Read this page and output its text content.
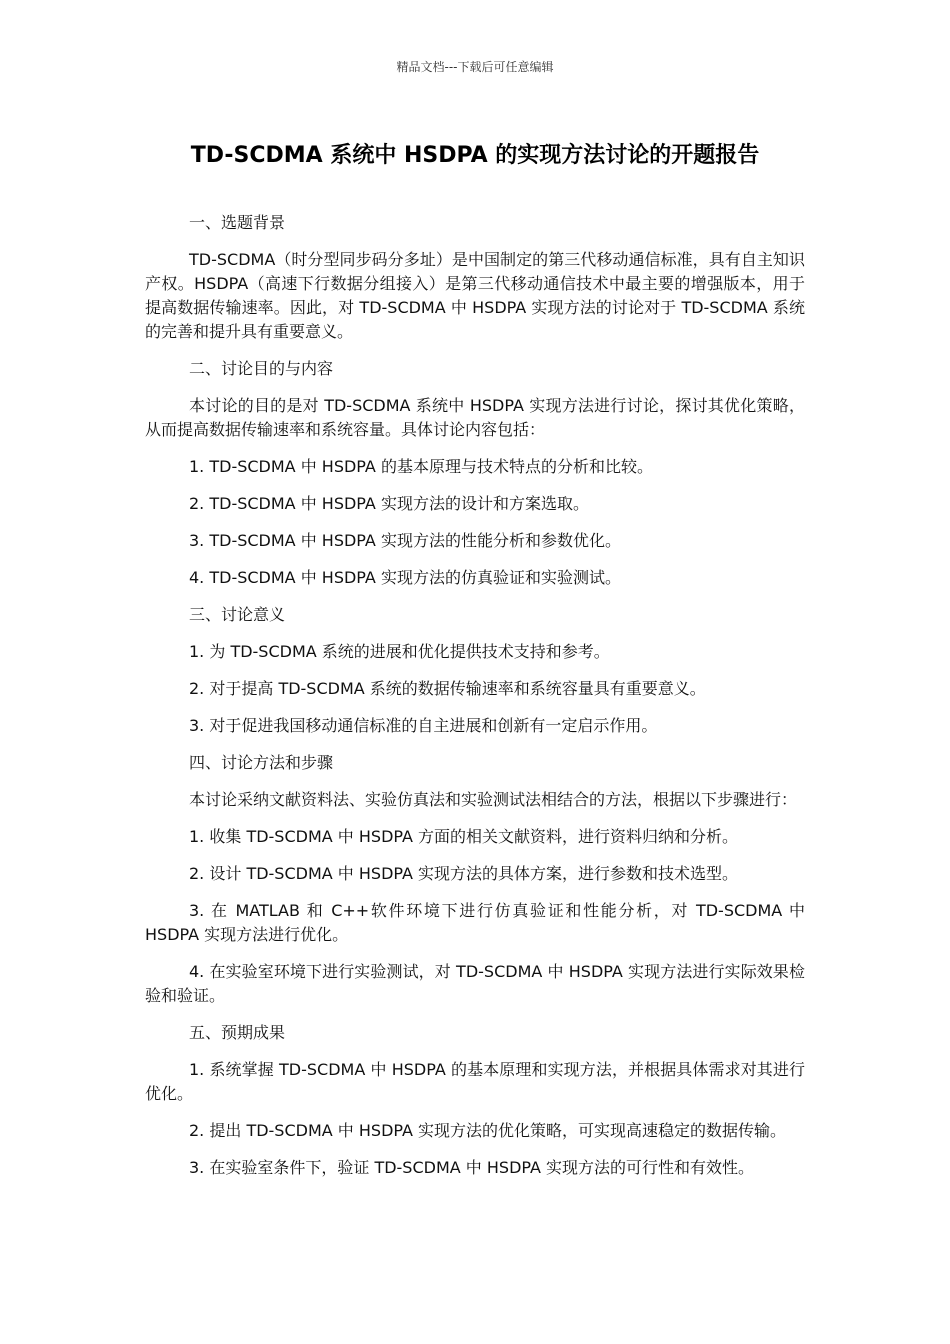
精品文档---下载后可任意编辑
TD-SCDMA 系统中 HSDPA 的实现方法讨论的开题报告

一、选题背景

TD-SCDMA（时分型同步码分多址）是中国制定的第三代移动通信标准，具有自主知识产权。HSDPA（高速下行数据分组接入）是第三代移动通信技术中最主要的增强版本，用于提高数据传输速率。因此，对 TD-SCDMA 中 HSDPA 实现方法的讨论对于 TD-SCDMA 系统的完善和提升具有重要意义。

二、讨论目的与内容

本讨论的目的是对 TD-SCDMA 系统中 HSDPA 实现方法进行讨论，探讨其优化策略，从而提高数据传输速率和系统容量。具体讨论内容包括：

1. TD-SCDMA 中 HSDPA 的基本原理与技术特点的分析和比较。

2. TD-SCDMA 中 HSDPA 实现方法的设计和方案选取。

3. TD-SCDMA 中 HSDPA 实现方法的性能分析和参数优化。

4. TD-SCDMA 中 HSDPA 实现方法的仿真验证和实验测试。

三、讨论意义

1. 为 TD-SCDMA 系统的进展和优化提供技术支持和参考。

2. 对于提高 TD-SCDMA 系统的数据传输速率和系统容量具有重要意义。

3. 对于促进我国移动通信标准的自主进展和创新有一定启示作用。

四、讨论方法和步骤

本讨论采纳文献资料法、实验仿真法和实验测试法相结合的方法，根据以下步骤进行：

1. 收集 TD-SCDMA 中 HSDPA 方面的相关文献资料，进行资料归纳和分析。

2. 设计 TD-SCDMA 中 HSDPA 实现方法的具体方案，进行参数和技术选型。

3. 在 MATLAB 和 C++软件环境下进行仿真验证和性能分析，对 TD-SCDMA 中 HSDPA 实现方法进行优化。

4. 在实验室环境下进行实验测试，对 TD-SCDMA 中 HSDPA 实现方法进行实际效果检验和验证。

五、预期成果

1. 系统掌握 TD-SCDMA 中 HSDPA 的基本原理和实现方法，并根据具体需求对其进行优化。

2. 提出 TD-SCDMA 中 HSDPA 实现方法的优化策略，可实现高速稳定的数据传输。

3. 在实验室条件下，验证 TD-SCDMA 中 HSDPA 实现方法的可行性和有效性。
